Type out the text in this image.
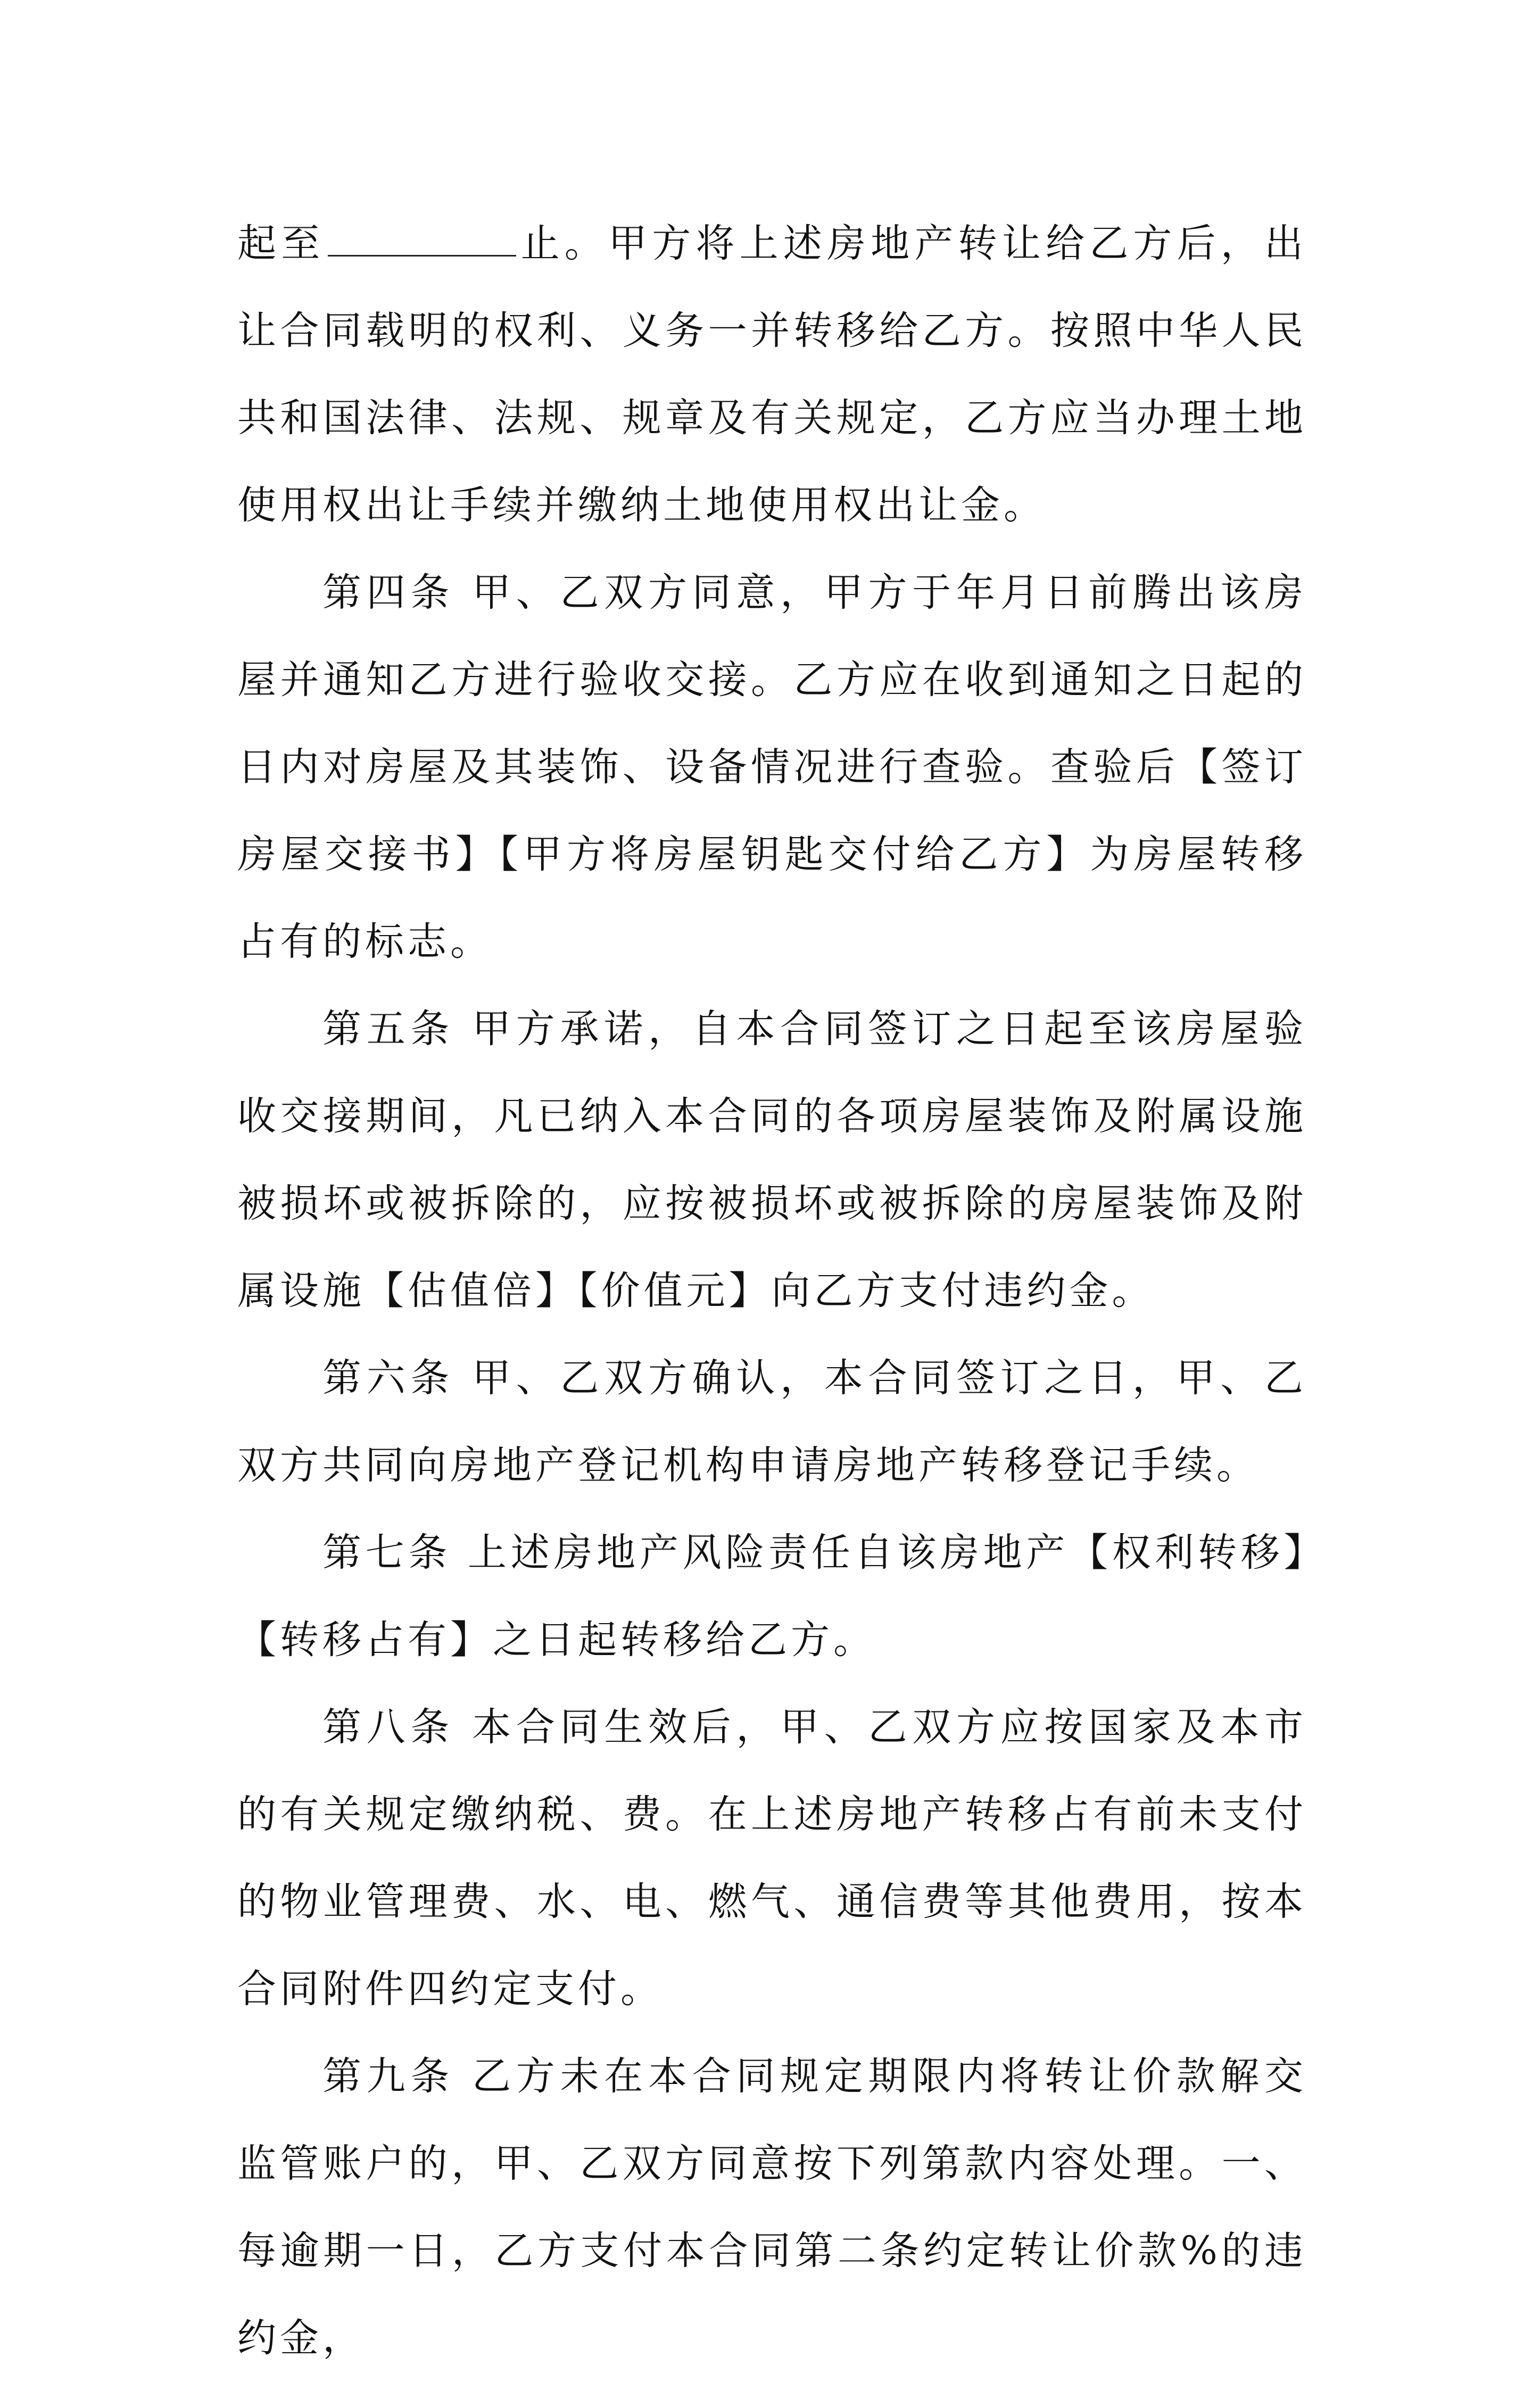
起至	止。甲方将上述房地产转让给乙方后，出让合同载明的权利、义务一并转移给乙方。按照中华人民共和国法律、法规、规章及有关规定，乙方应当办理土地使用权出让手续并缴纳土地使用权出让金。

第四条 甲、乙双方同意，甲方于年月日前腾出该房屋并通知乙方进行验收交接。乙方应在收到通知之日起的日内对房屋及其装饰、设备情况进行查验。查验后【签订房屋交接书】【甲方将房屋钥匙交付给乙方】为房屋转移占有的标志。

第五条 甲方承诺，自本合同签订之日起至该房屋验收交接期间，凡已纳入本合同的各项房屋装饰及附属设施被损坏或被拆除的，应按被损坏或被拆除的房屋装饰及附属设施【估值倍】【价值元】向乙方支付违约金。

第六条 甲、乙双方确认，本合同签订之日，甲、乙双方共同向房地产登记机构申请房地产转移登记手续。

第七条 上述房地产风险责任自该房地产【权利转移】【转移占有】之日起转移给乙方。

第八条 本合同生效后，甲、乙双方应按国家及本市的有关规定缴纳税、费。在上述房地产转移占有前未支付的物业管理费、水、电、燃气、通信费等其他费用，按本合同附件四约定支付。

第九条 乙方未在本合同规定期限内将转让价款解交监管账户的，甲、乙双方同意按下列第款内容处理。一、每逾期一日，乙方支付本合同第二条约定转让价款%的违约金，
